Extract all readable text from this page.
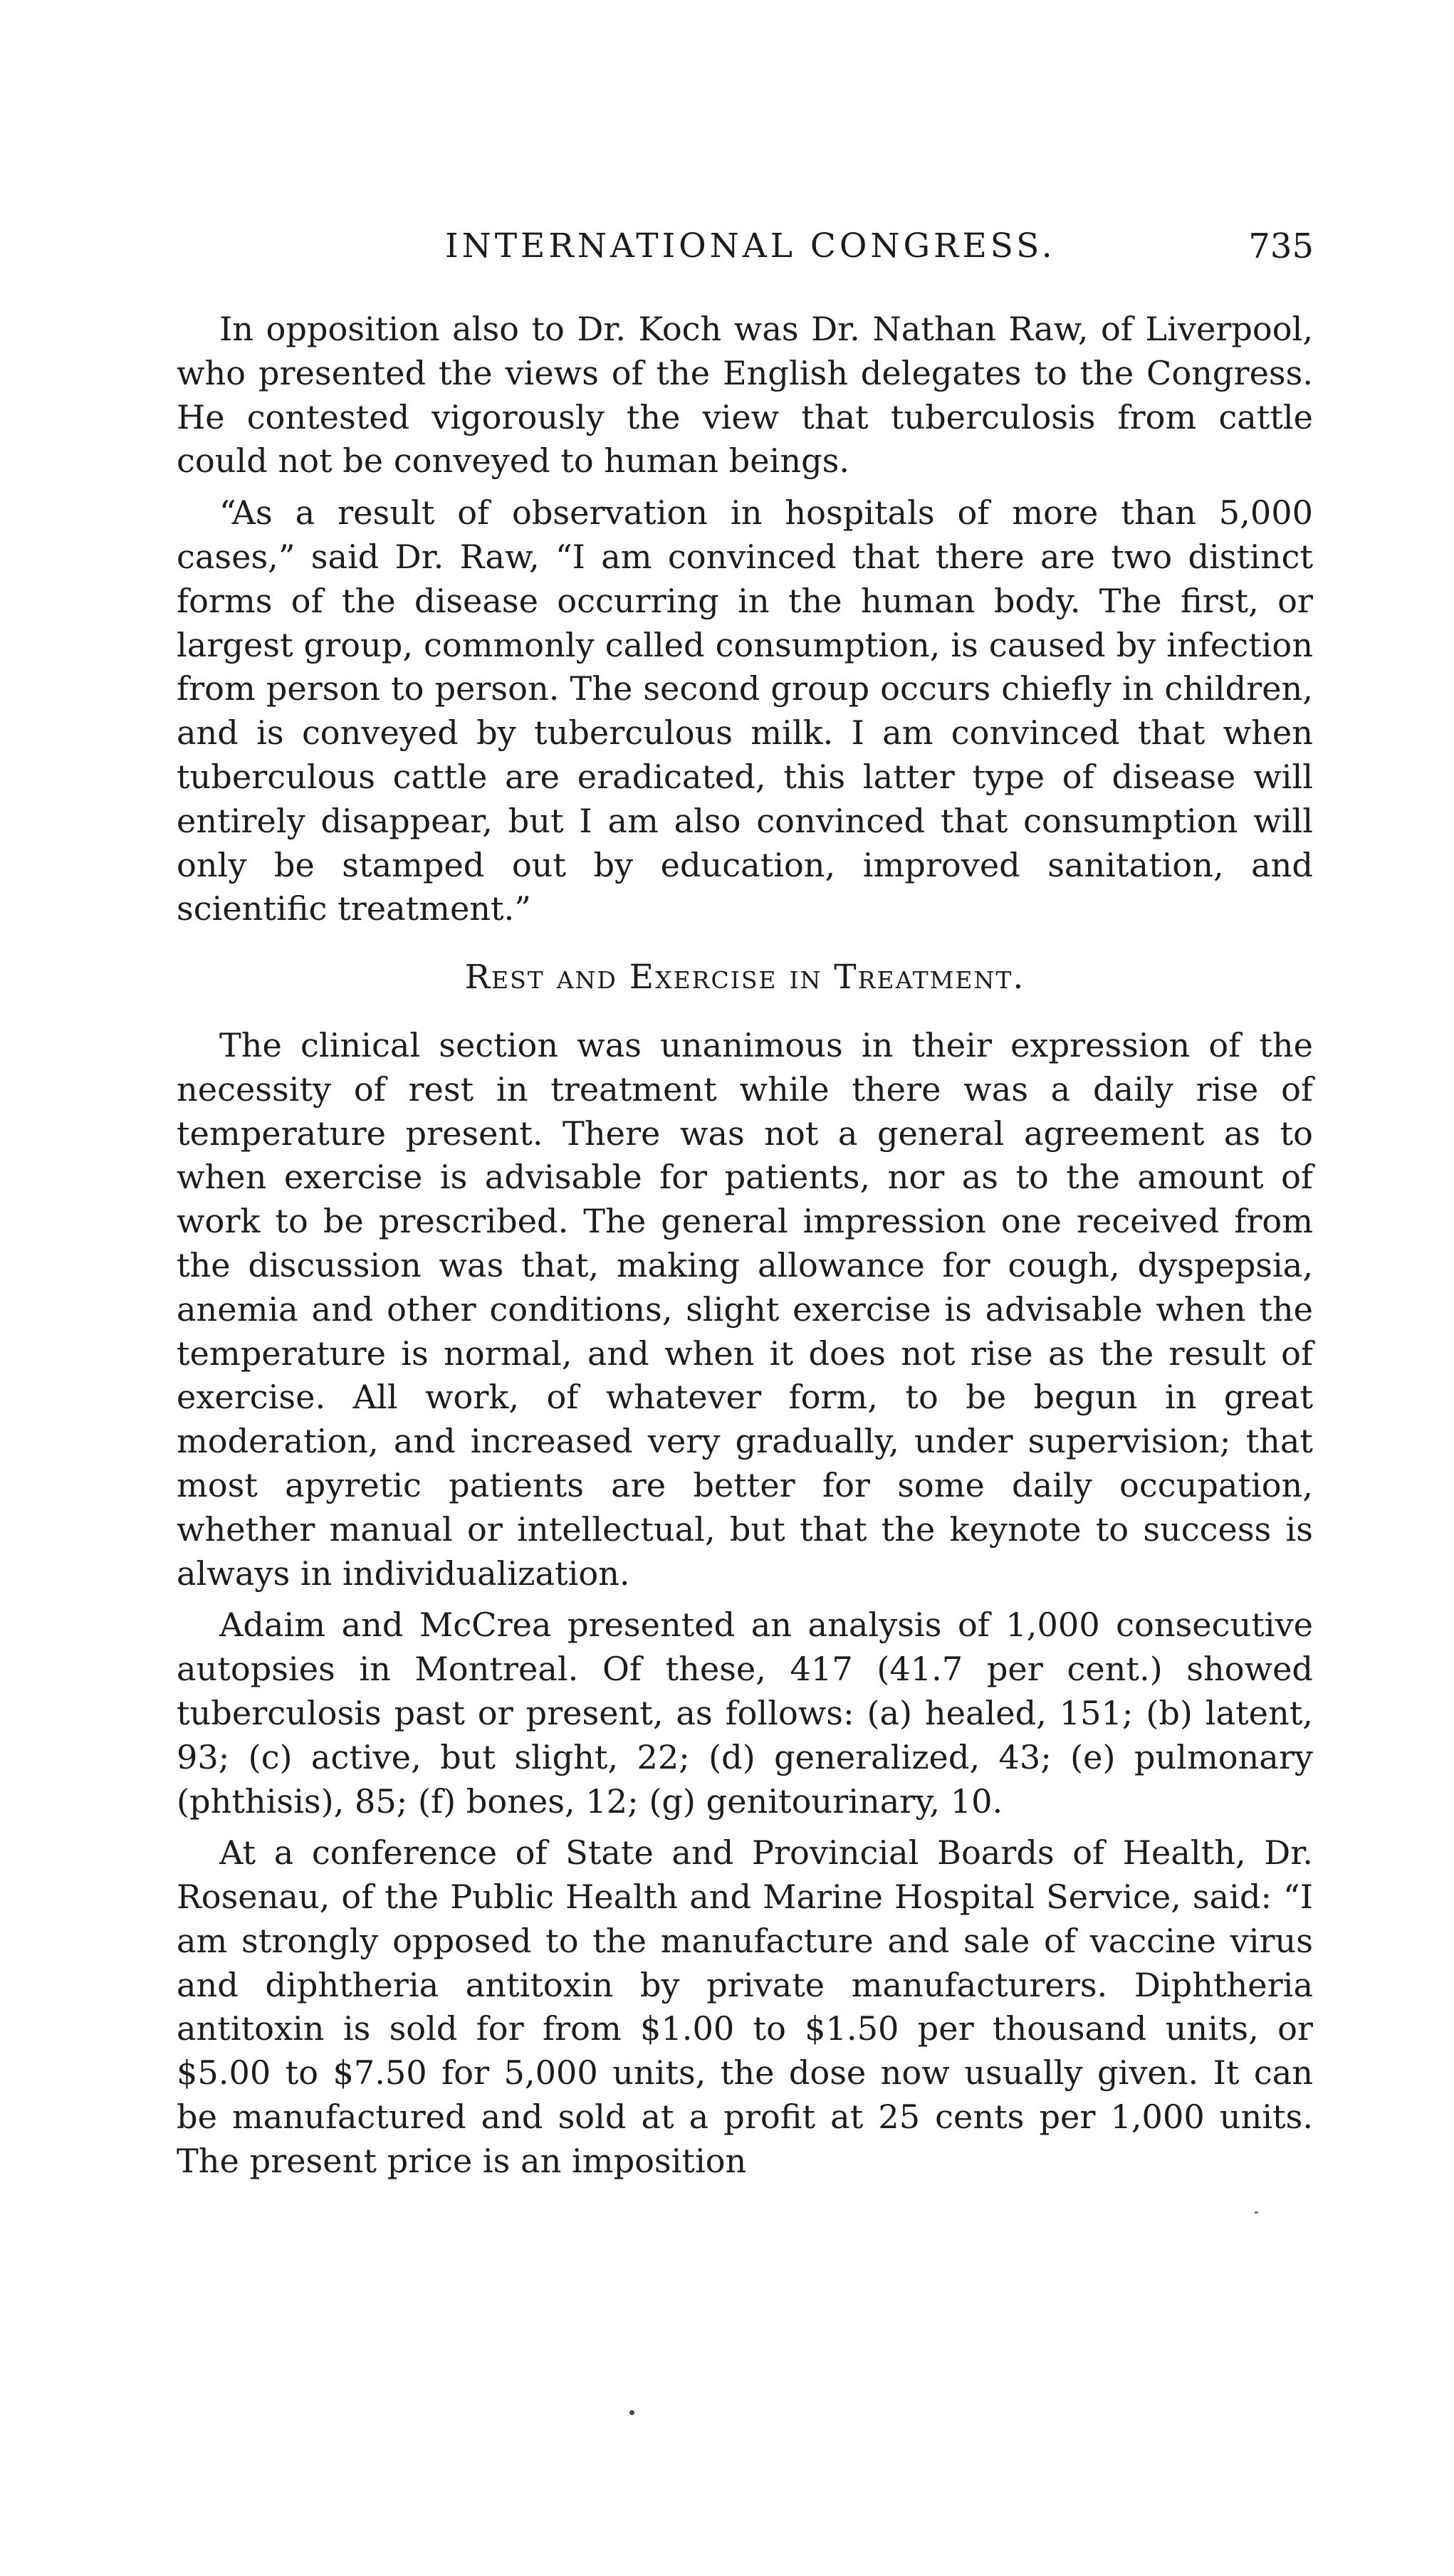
INTERNATIONAL CONGRESS.	735

In opposition also to Dr. Koch was Dr. Nathan Raw, of Liverpool, who presented the views of the English delegates to the Congress. He contested vigorously the view that tuberculosis from cattle could not be conveyed to human beings.

“As a result of observation in hospitals of more than 5,000 cases,” said Dr. Raw, “I am convinced that there are two distinct forms of the disease occurring in the human body. The first, or largest group, commonly called consumption, is caused by infection from person to person. The second group occurs chiefly in children, and is conveyed by tuberculous milk. I am convinced that when tuberculous cattle are eradicated, this latter type of disease will entirely disappear, but I am also convinced that consumption will only be stamped out by education, improved sanitation, and scientific treatment.”

Rest and Exercise in Treatment.

The clinical section was unanimous in their expression of the necessity of rest in treatment while there was a daily rise of temperature present. There was not a general agreement as to when exercise is advisable for patients, nor as to the amount of work to be prescribed. The general impression one received from the discussion was that, making allowance for cough, dyspepsia, anemia and other conditions, slight exercise is advisable when the temperature is normal, and when it does not rise as the result of exercise. All work, of whatever form, to be begun in great moderation, and increased very gradually, under supervision; that most apyretic patients are better for some daily occupation, whether manual or intellectual, but that the keynote to success is always in individualization.

Adaim and McCrea presented an analysis of 1,000 consecutive autopsies in Montreal. Of these, 417 (41.7 per cent.) showed tuberculosis past or present, as follows: (a) healed, 151; (b) latent, 93; (c) active, but slight, 22; (d) generalized, 43; (e) pulmonary (phthisis), 85; (f) bones, 12; (g) genitourinary, 10.

At a conference of State and Provincial Boards of Health, Dr. Rosenau, of the Public Health and Marine Hospital Service, said: “I am strongly opposed to the manufacture and sale of vaccine virus and diphtheria antitoxin by private manufacturers. Diphtheria antitoxin is sold for from $1.00 to $1.50 per thousand units, or $5.00 to $7.50 for 5,000 units, the dose now usually given. It can be manufactured and sold at a profit at 25 cents per 1,000 units. The present price is an imposition
